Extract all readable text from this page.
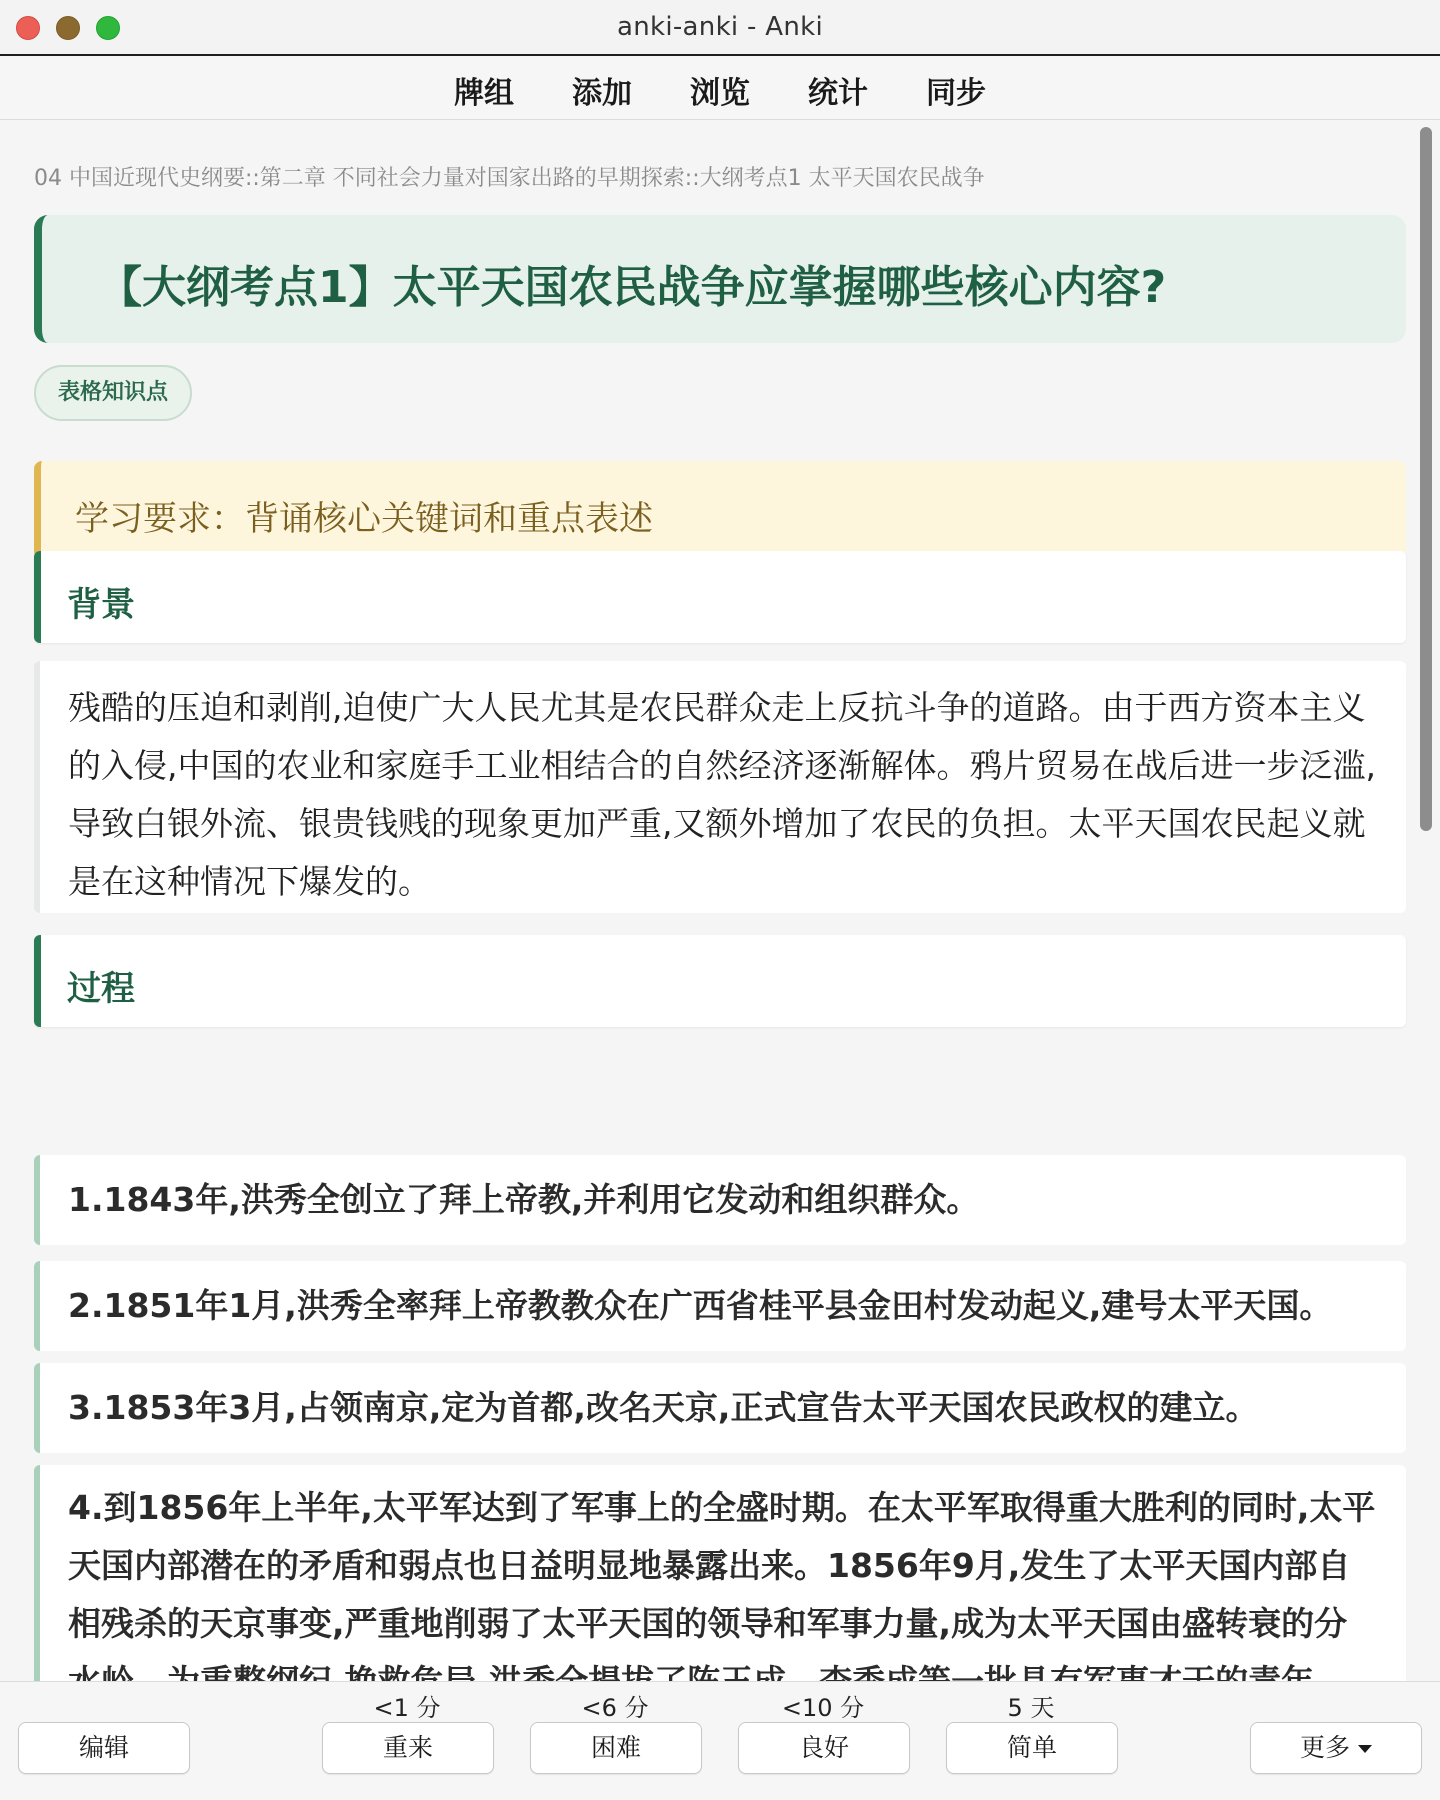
anki-anki - Anki
牌组 添加 浏览 统计 同步
04 中国近现代史纲要::第二章 不同社会力量对国家出路的早期探索::大纲考点1 太平天国农民战争
【大纲考点1】太平天国农民战争应掌握哪些核心内容?
表格知识点
学习要求：背诵核心关键词和重点表述
背景
残酷的压迫和剥削,迫使广大人民尤其是农民群众走上反抗斗争的道路。由于西方资本主义的入侵,中国的农业和家庭手工业相结合的自然经济逐渐解体。鸦片贸易在战后进一步泛滥,导致白银外流、银贵钱贱的现象更加严重,又额外增加了农民的负担。太平天国农民起义就是在这种情况下爆发的。
过程
1.1843年,洪秀全创立了拜上帝教,并利用它发动和组织群众。
2.1851年1月,洪秀全率拜上帝教教众在广西省桂平县金田村发动起义,建号太平天国。
3.1853年3月,占领南京,定为首都,改名天京,正式宣告太平天国农民政权的建立。
4.到1856年上半年,太平军达到了军事上的全盛时期。在太平军取得重大胜利的同时,太平天国内部潜在的矛盾和弱点也日益明显地暴露出来。1856年9月,发生了太平天国内部自相残杀的天京事变,严重地削弱了太平天国的领导和军事力量,成为太平天国由盛转衰的分
编辑
<1 分
重来
<6 分
困难
<10 分
良好
5 天
简单	更多
